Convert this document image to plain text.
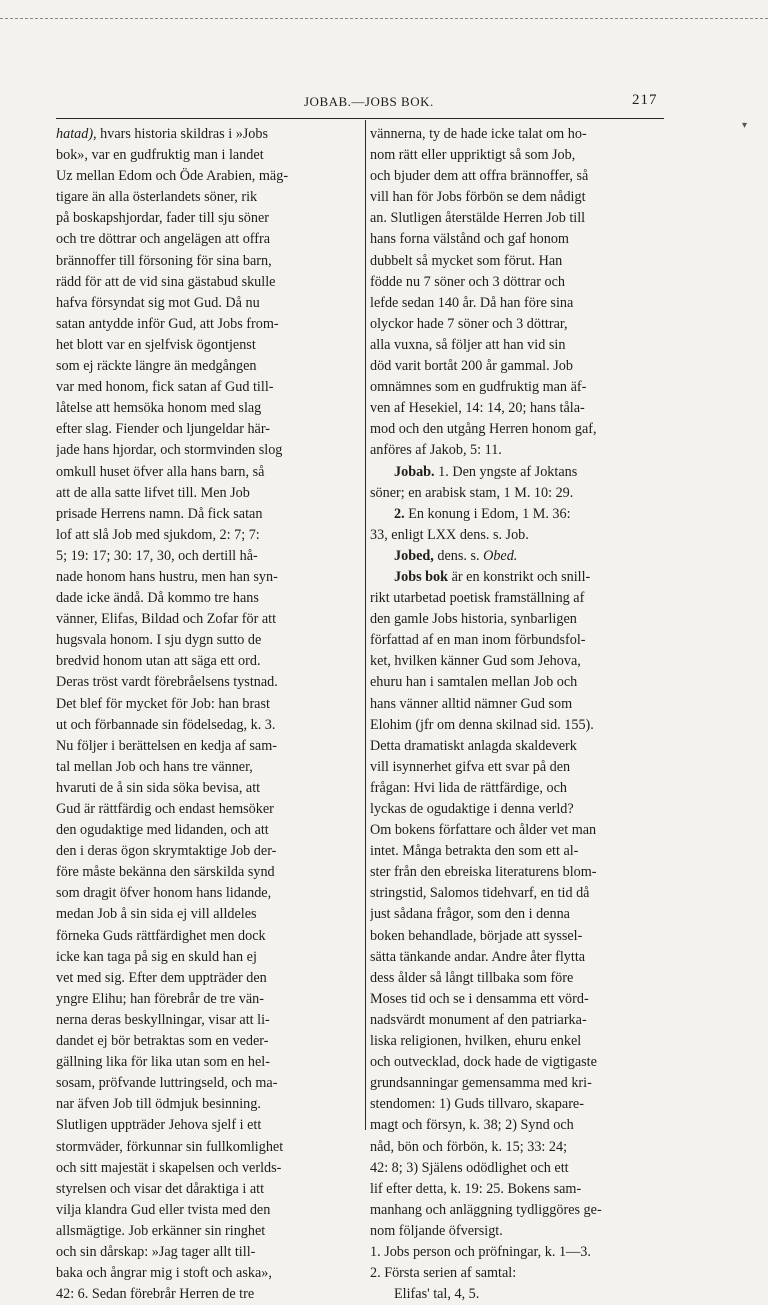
▾
JOBAB.—JOBS BOK.	217
hatad), hvars historia skildras i »Jobs
bok», var en gudfruktig man i landet
Uz mellan Edom och Öde Arabien, mäg-
tigare än alla österlandets söner, rik
på boskapshjordar, fader till sju söner
och tre döttrar och angelägen att offra
brännoffer till försoning för sina barn,
rädd för att de vid sina gästabud skulle
hafva försyndat sig mot Gud. Då nu
satan antydde inför Gud, att Jobs from-
het blott var en sjelfvisk ögontjenst
som ej räckte längre än medgången
var med honom, fick satan af Gud till-
låtelse att hemsöka honom med slag
efter slag. Fiender och ljungeldar här-
jade hans hjordar, och stormvinden slog
omkull huset öfver alla hans barn, så
att de alla satte lifvet till. Men Job
prisade Herrens namn. Då fick satan
lof att slå Job med sjukdom, 2: 7; 7:
5; 19: 17; 30: 17, 30, och dertill hå-
nade honom hans hustru, men han syn-
dade icke ändå. Då kommo tre hans
vänner, Elifas, Bildad och Zofar för att
hugsvala honom. I sju dygn sutto de
bredvid honom utan att säga ett ord.
Deras tröst vardt förebråelsens tystnad.
Det blef för mycket för Job: han brast
ut och förbannade sin födelsedag, k. 3.
Nu följer i berättelsen en kedja af sam-
tal mellan Job och hans tre vänner,
hvaruti de å sin sida söka bevisa, att
Gud är rättfärdig och endast hemsöker
den ogudaktige med lidanden, och att
den i deras ögon skrymtaktige Job der-
före måste bekänna den särskilda synd
som dragit öfver honom hans lidande,
medan Job å sin sida ej vill alldeles
förneka Guds rättfärdighet men dock
icke kan taga på sig en skuld han ej
vet med sig. Efter dem uppträder den
yngre Elihu; han förebrår de tre vän-
nerna deras beskyllningar, visar att li-
dandet ej bör betraktas som en veder-
gällning lika för lika utan som en hel-
sosam, pröfvande luttringseld, och ma-
nar äfven Job till ödmjuk besinning.
Slutligen uppträder Jehova sjelf i ett
stormväder, förkunnar sin fullkomlighet
och sitt majestät i skapelsen och verlds-
styrelsen och visar det dåraktiga i att
vilja klandra Gud eller tvista med den
allsmägtige. Job erkänner sin ringhet
och sin dårskap: »Jag tager allt till-
baka och ångrar mig i stoft och aska»,
42: 6. Sedan förebrår Herren de tre
vännerna, ty de hade icke talat om ho-
nom rätt eller uppriktigt så som Job,
och bjuder dem att offra brännoffer, så
vill han för Jobs förbön se dem nådigt
an. Slutligen återstälde Herren Job till
hans forna välstånd och gaf honom
dubbelt så mycket som förut. Han
födde nu 7 söner och 3 döttrar och
lefde sedan 140 år. Då han före sina
olyckor hade 7 söner och 3 döttrar,
alla vuxna, så följer att han vid sin
död varit bortåt 200 år gammal. Job
omnämnes som en gudfruktig man äf-
ven af Hesekiel, 14: 14, 20; hans tåla-
mod och den utgång Herren honom gaf,
anföres af Jakob, 5: 11.
Jobab. 1. Den yngste af Joktans
söner; en arabisk stam, 1 M. 10: 29.
2. En konung i Edom, 1 M. 36:
33, enligt LXX dens. s. Job.
Jobed, dens. s. Obed.
Jobs bok är en konstrikt och snill-
rikt utarbetad poetisk framställning af
den gamle Jobs historia, synbarligen
författad af en man inom förbundsfol-
ket, hvilken känner Gud som Jehova,
ehuru han i samtalen mellan Job och
hans vänner alltid nämner Gud som
Elohim (jfr om denna skilnad sid. 155).
Detta dramatiskt anlagda skaldeverk
vill isynnerhet gifva ett svar på den
frågan: Hvi lida de rättfärdige, och
lyckas de ogudaktige i denna verld?
Om bokens författare och ålder vet man
intet. Många betrakta den som ett al-
ster från den ebreiska literaturens blom-
stringstid, Salomos tidehvarf, en tid då
just sådana frågor, som den i denna
boken behandlade, började att syssel-
sätta tänkande andar. Andre åter flytta
dess ålder så långt tillbaka som före
Moses tid och se i densamma ett vörd-
nadsvärdt monument af den patriarka-
liska religionen, hvilken, ehuru enkel
och outvecklad, dock hade de vigtigaste
grundsanningar gemensamma med kri-
stendomen: 1) Guds tillvaro, skapare-
magt och försyn, k. 38; 2) Synd och
nåd, bön och förbön, k. 15; 33: 24;
42: 8; 3) Själens odödlighet och ett
lif efter detta, k. 19: 25. Bokens sam-
manhang och anläggning tydliggöres ge-
nom följande öfversigt.
1. Jobs person och pröfningar, k. 1—3.
2. Första serien af samtal:
Elifas' tal, 4, 5.
